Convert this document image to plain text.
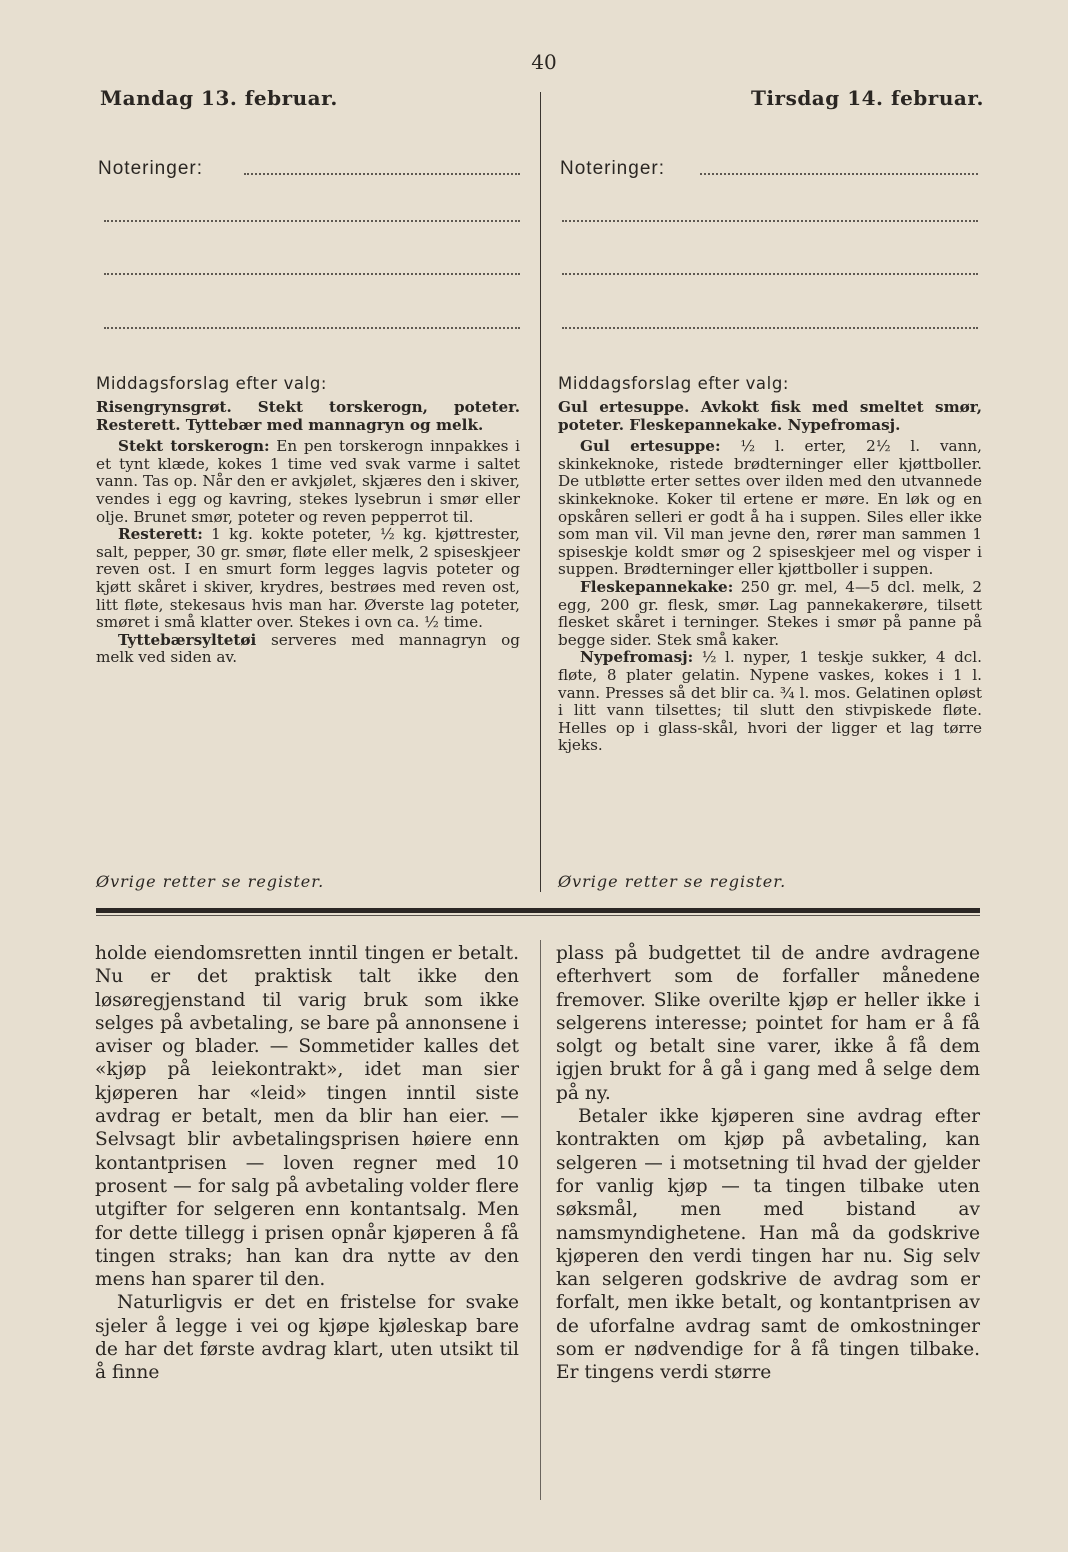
40
Mandag 13. februar.	Tirsdag 14. februar.
Noteringer:	Noteringer:
Middagsforslag efter valg:

Risengrynsgrøt. Stekt torskerogn, poteter. Resterett. Tyttebær med mannagryn og melk.

Stekt torskerogn: En pen torskerogn innpakkes i et tynt klæde, kokes 1 time ved svak varme i saltet vann. Tas op. Når den er avkjølet, skjæres den i skiver, vendes i egg og kavring, stekes lysebrun i smør eller olje. Brunet smør, poteter og reven pepperrot til.

Resterett: 1 kg. kokte poteter, ½ kg. kjøttrester, salt, pepper, 30 gr. smør, fløte eller melk, 2 spiseskjeer reven ost. I en smurt form legges lagvis poteter og kjøtt skåret i skiver, krydres, bestrøes med reven ost, litt fløte, stekesaus hvis man har. Øverste lag poteter, smøret i små klatter over. Stekes i ovn ca. ½ time.

Tyttebærsyltetøi serveres med mannagryn og melk ved siden av.

Øvrige retter se register.
Middagsforslag efter valg:

Gul ertesuppe. Avkokt fisk med smeltet smør, poteter. Fleskepannekake. Nypefromasj.

Gul ertesuppe: ½ l. erter, 2½ l. vann, skinkeknoke, ristede brødterninger eller kjøttboller. De utbløtte erter settes over ilden med den utvannede skinkeknoke. Koker til ertene er møre. En løk og en opskåren selleri er godt å ha i suppen. Siles eller ikke som man vil. Vil man jevne den, rører man sammen 1 spiseskje koldt smør og 2 spiseskjeer mel og visper i suppen. Brødterninger eller kjøttboller i suppen.

Fleskepannekake: 250 gr. mel, 4—5 dcl. melk, 2 egg, 200 gr. flesk, smør. Lag pannekakerøre, tilsett flesket skåret i terninger. Stekes i smør på panne på begge sider. Stek små kaker.

Nypefromasj: ½ l. nyper, 1 teskje sukker, 4 dcl. fløte, 8 plater gelatin. Nypene vaskes, kokes i 1 l. vann. Presses så det blir ca. ¾ l. mos. Gelatinen opløst i litt vann tilsettes; til slutt den stivpiskede fløte. Helles op i glass-skål, hvori der ligger et lag tørre kjeks.

Øvrige retter se register.

holde eiendomsretten inntil tingen er betalt. Nu er det praktisk talt ikke den løsøregjenstand til varig bruk som ikke selges på avbetaling, se bare på annonsene i aviser og blader. — Sommetider kalles det «kjøp på leiekontrakt», idet man sier kjøperen har «leid» tingen inntil siste avdrag er betalt, men da blir han eier. — Selvsagt blir avbetalingsprisen høiere enn kontantprisen — loven regner med 10 prosent — for salg på avbetaling volder flere utgifter for selgeren enn kontantsalg. Men for dette tillegg i prisen opnår kjøperen å få tingen straks; han kan dra nytte av den mens han sparer til den.

Naturligvis er det en fristelse for svake sjeler å legge i vei og kjøpe kjøleskap bare de har det første avdrag klart, uten utsikt til å finne

plass på budgettet til de andre avdragene efterhvert som de forfaller månedene fremover. Slike overilte kjøp er heller ikke i selgerens interesse; pointet for ham er å få solgt og betalt sine varer, ikke å få dem igjen brukt for å gå i gang med å selge dem på ny.

Betaler ikke kjøperen sine avdrag efter kontrakten om kjøp på avbetaling, kan selgeren — i motsetning til hvad der gjelder for vanlig kjøp — ta tingen tilbake uten søksmål, men med bistand av namsmyndighetene. Han må da godskrive kjøperen den verdi tingen har nu. Sig selv kan selgeren godskrive de avdrag som er forfalt, men ikke betalt, og kontantprisen av de uforfalne avdrag samt de omkostninger som er nødvendige for å få tingen tilbake. Er tingens verdi større
